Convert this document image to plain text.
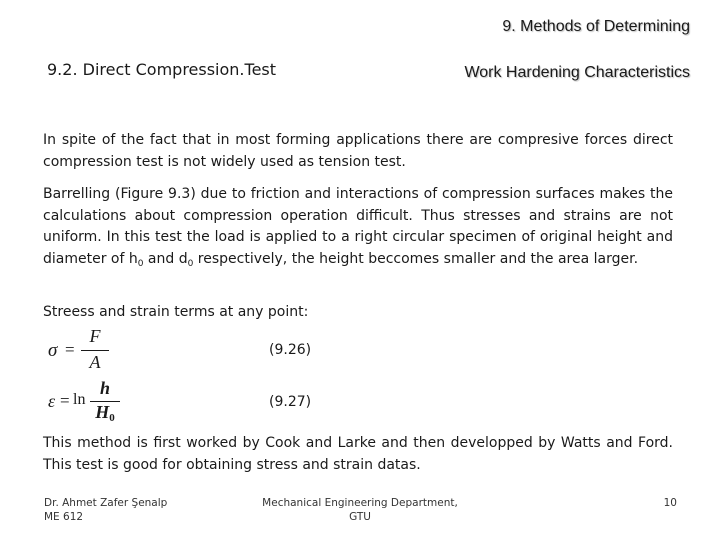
9. Methods of Determining
9.2. Direct Compression.Test	Work Hardening Characteristics
In spite of the fact that in most forming applications there are compresive forces direct compression test is not widely used as tension test.
Barrelling (Figure 9.3) due to friction and interactions of compression surfaces makes the calculations about compression operation difficult. Thus stresses and strains are not uniform. In this test the load is applied to a right circular specimen of original height and diameter of $h_0$ and $d_0$ respectively, the height beccomes smaller and the area larger.
Streess and strain terms at any point:
σ =
F
A
(9.26)
ε = ln
h
$H_0$
(9.27)
This method is first worked by Cook and Larke and then developped by Watts and Ford. This test is good for obtaining stress and strain datas.
Dr. Ahmet Zafer Şenalp
ME 612
Mechanical Engineering Department,
GTU
10
